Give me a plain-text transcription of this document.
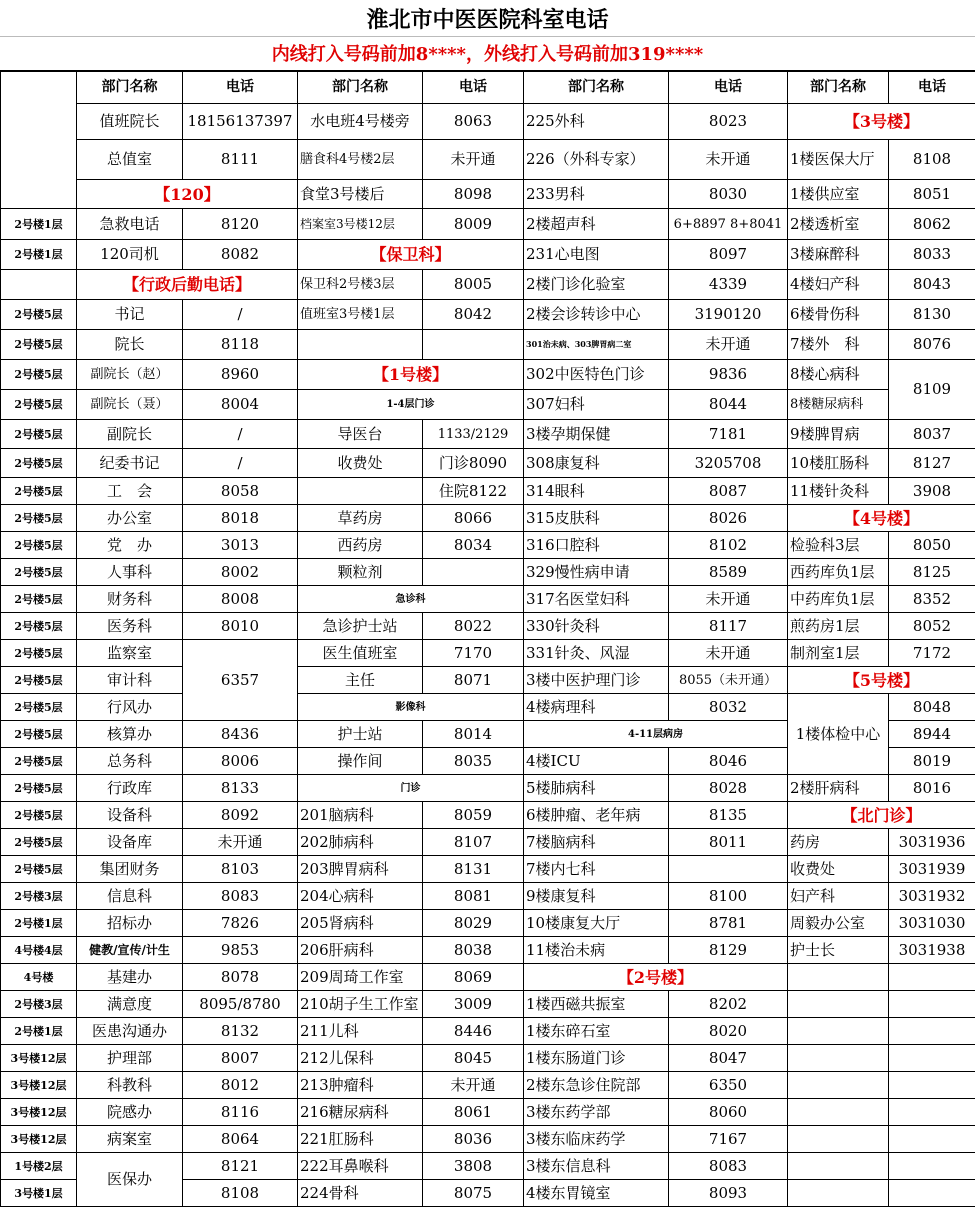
淮北市中医医院科室电话
内线打入号码前加8****，外线打入号码前加319****
	部门名称	电话	部门名称	电话	部门名称	电话	部门名称	电话
	值班院长	18156137397	水电班4号楼旁	8063	225外科	8023	【3号楼】	
	总值室	8111	膳食科4号楼2层	未开通	226（外科专家）	未开通	1楼医保大厅	8108
	【120】		食堂3号楼后	8098	233男科	8030	1楼供应室	8051
2号楼1层	急救电话	8120	档案室3号楼12层	8009	2楼超声科	6+8897 8+8041	2楼透析室	8062
2号楼1层	120司机	8082	【保卫科】		231心电图	8097	3楼麻醉科	8033
	【行政后勤电话】		保卫科2号楼3层	8005	2楼门诊化验室	4339	4楼妇产科	8043
2号楼5层	书记	/	值班室3号楼1层	8042	2楼会诊转诊中心	3190120	6楼骨伤科	8130
2号楼5层	院长	8118			301治未病、303脾胃病二室	未开通	7楼外　科	8076
2号楼5层	副院长（赵）	8960	【1号楼】		302中医特色门诊	9836	8楼心病科	8109
2号楼5层	副院长（聂）	8004	1-4层门诊		307妇科	8044	8楼糖尿病科	
2号楼5层	副院长	/	导医台	1133/2129	3楼孕期保健	7181	9楼脾胃病	8037
2号楼5层	纪委书记	/	收费处	门诊8090	308康复科	3205708	10楼肛肠科	8127
2号楼5层	工　会	8058		住院8122	314眼科	8087	11楼针灸科	3908
2号楼5层	办公室	8018	草药房	8066	315皮肤科	8026	【4号楼】	
2号楼5层	党　办	3013	西药房	8034	316口腔科	8102	检验科3层	8050
2号楼5层	人事科	8002	颗粒剂		329慢性病申请	8589	西药库负1层	8125
2号楼5层	财务科	8008	急诊科		317名医堂妇科	未开通	中药库负1层	8352
2号楼5层	医务科	8010	急诊护士站	8022	330针灸科	8117	煎药房1层	8052
2号楼5层	监察室	6357	医生值班室	7170	331针灸、风湿	未开通	制剂室1层	7172
2号楼5层	审计科		主任	8071	3楼中医护理门诊	8055（未开通）	【5号楼】	
2号楼5层	行风办		影像科		4楼病理科	8032	1楼体检中心	8048
2号楼5层	核算办	8436	护士站	8014	4-11层病房			8944
2号楼5层	总务科	8006	操作间	8035	4楼ICU	8046		8019
2号楼5层	行政库	8133	门诊		5楼肺病科	8028	2楼肝病科	8016
2号楼5层	设备科	8092	201脑病科	8059	6楼肿瘤、老年病	8135	【北门诊】	
2号楼5层	设备库	未开通	202肺病科	8107	7楼脑病科	8011	药房	3031936
2号楼5层	集团财务	8103	203脾胃病科	8131	7楼内七科		收费处	3031939
2号楼3层	信息科	8083	204心病科	8081	9楼康复科	8100	妇产科	3031932
2号楼1层	招标办	7826	205肾病科	8029	10楼康复大厅	8781	周毅办公室	3031030
4号楼4层	健教/宣传/计生	9853	206肝病科	8038	11楼治未病	8129	护士长	3031938
4号楼	基建办	8078	209周琦工作室	8069	【2号楼】			
2号楼3层	满意度	8095/8780	210胡子生工作室	3009	1楼西磁共振室	8202		
2号楼1层	医患沟通办	8132	211儿科	8446	1楼东碎石室	8020		
3号楼12层	护理部	8007	212儿保科	8045	1楼东肠道门诊	8047		
3号楼12层	科教科	8012	213肿瘤科	未开通	2楼东急诊住院部	6350		
3号楼12层	院感办	8116	216糖尿病科	8061	3楼东药学部	8060		
3号楼12层	病案室	8064	221肛肠科	8036	3楼东临床药学	7167		
1号楼2层	医保办	8121	222耳鼻喉科	3808	3楼东信息科	8083		
3号楼1层		8108	224骨科	8075	4楼东胃镜室	8093		
